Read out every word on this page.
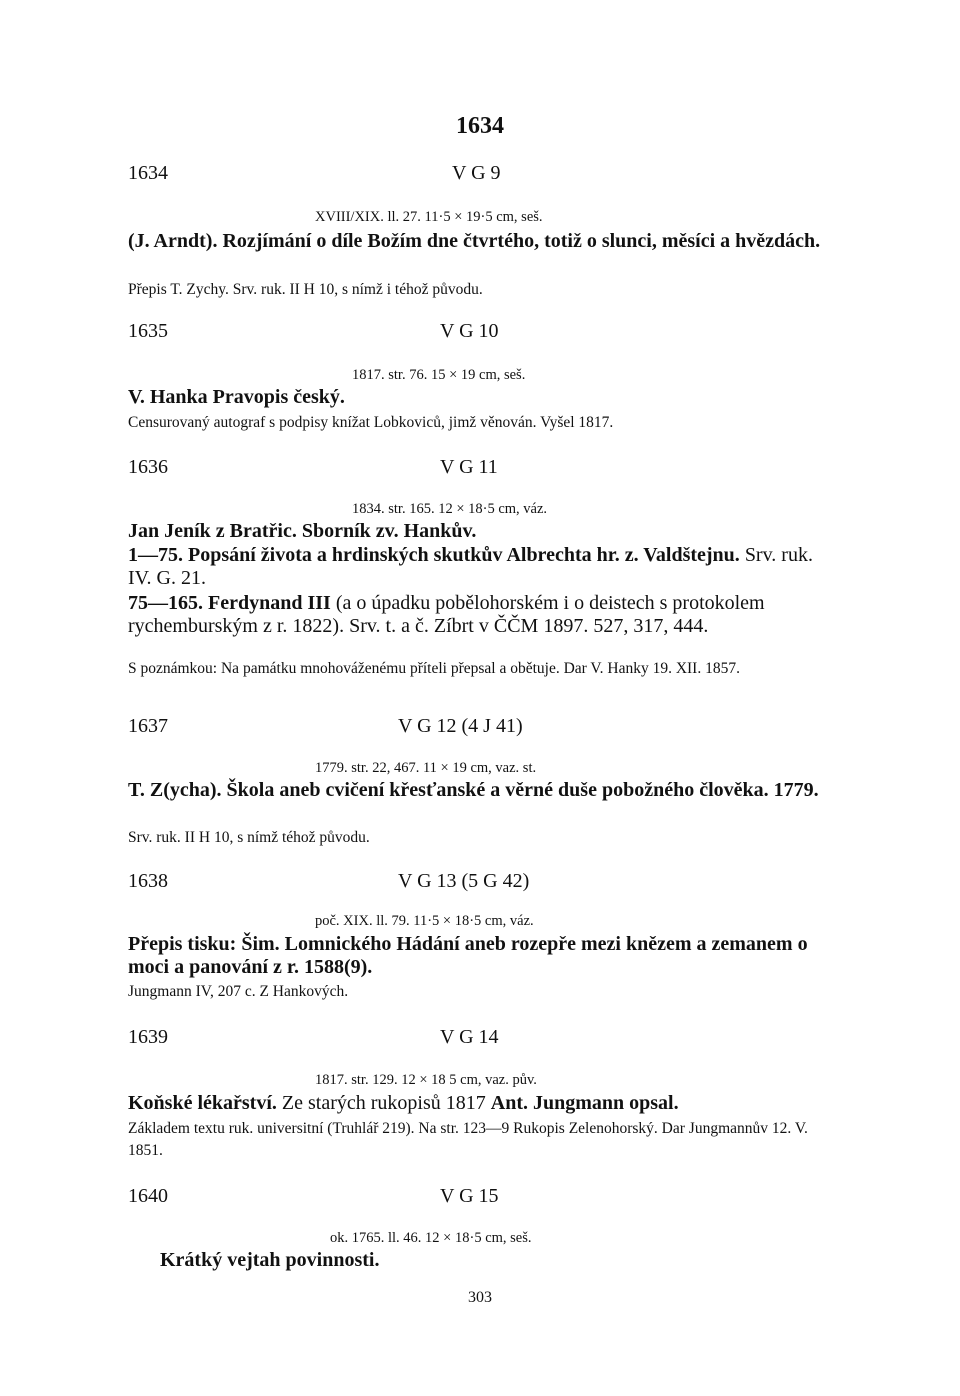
1634
1634	V G 9
XVIII/XIX. ll. 27. 11·5 × 19·5 cm, seš.
(J. Arndt). Rozjímání o díle Božím dne čtvrtého, totiž o slunci, měsíci a hvězdách.
Přepis T. Zychy. Srv. ruk. II H 10, s nímž i téhož původu.
1635	V G 10
1817. str. 76. 15 × 19 cm, seš.
V. Hanka Pravopis český.
Censurovaný autograf s podpisy knížat Lobkoviců, jimž věnován. Vyšel 1817.
1636	V G 11
1834. str. 165. 12 × 18·5 cm, váz.
Jan Jeník z Bratřic. Sborník zv. Hankův.
1—75. Popsání života a hrdinských skutkův Albrechta hr. z. Valdštejnu. Srv. ruk. IV. G. 21.
75—165. Ferdynand III (a o úpadku pobělohorském i o deistech s protokolem rychemburským z r. 1822). Srv. t. a č. Zíbrt v ČČM 1897. 527, 317, 444.
S poznámkou: Na památku mnohováženému příteli přepsal a obětuje. Dar V. Hanky 19. XII. 1857.
1637	V G 12 (4 J 41)
1779. str. 22, 467. 11 × 19 cm, vaz. st.
T. Z(ycha). Škola aneb cvičení křesťanské a věrné duše pobožného člověka. 1779.
Srv. ruk. II H 10, s nímž téhož původu.
1638	V G 13 (5 G 42)
poč. XIX. ll. 79. 11·5 × 18·5 cm, váz.
Přepis tisku: Šim. Lomnického Hádání aneb rozepře mezi knězem a zemanem o moci a panování z r. 1588(9).
Jungmann IV, 207 c. Z Hankových.
1639	V G 14
1817. str. 129. 12 × 18 5 cm, vaz. pův.
Koňské lékařství. Ze starých rukopisů 1817 Ant. Jungmann opsal.
Základem textu ruk. universitní (Truhlář 219). Na str. 123—9 Rukopis Zelenohorský. Dar Jungmannův 12. V. 1851.
1640	V G 15
ok. 1765. ll. 46. 12 × 18·5 cm, seš.
Krátký vejtah povinnosti.
303
